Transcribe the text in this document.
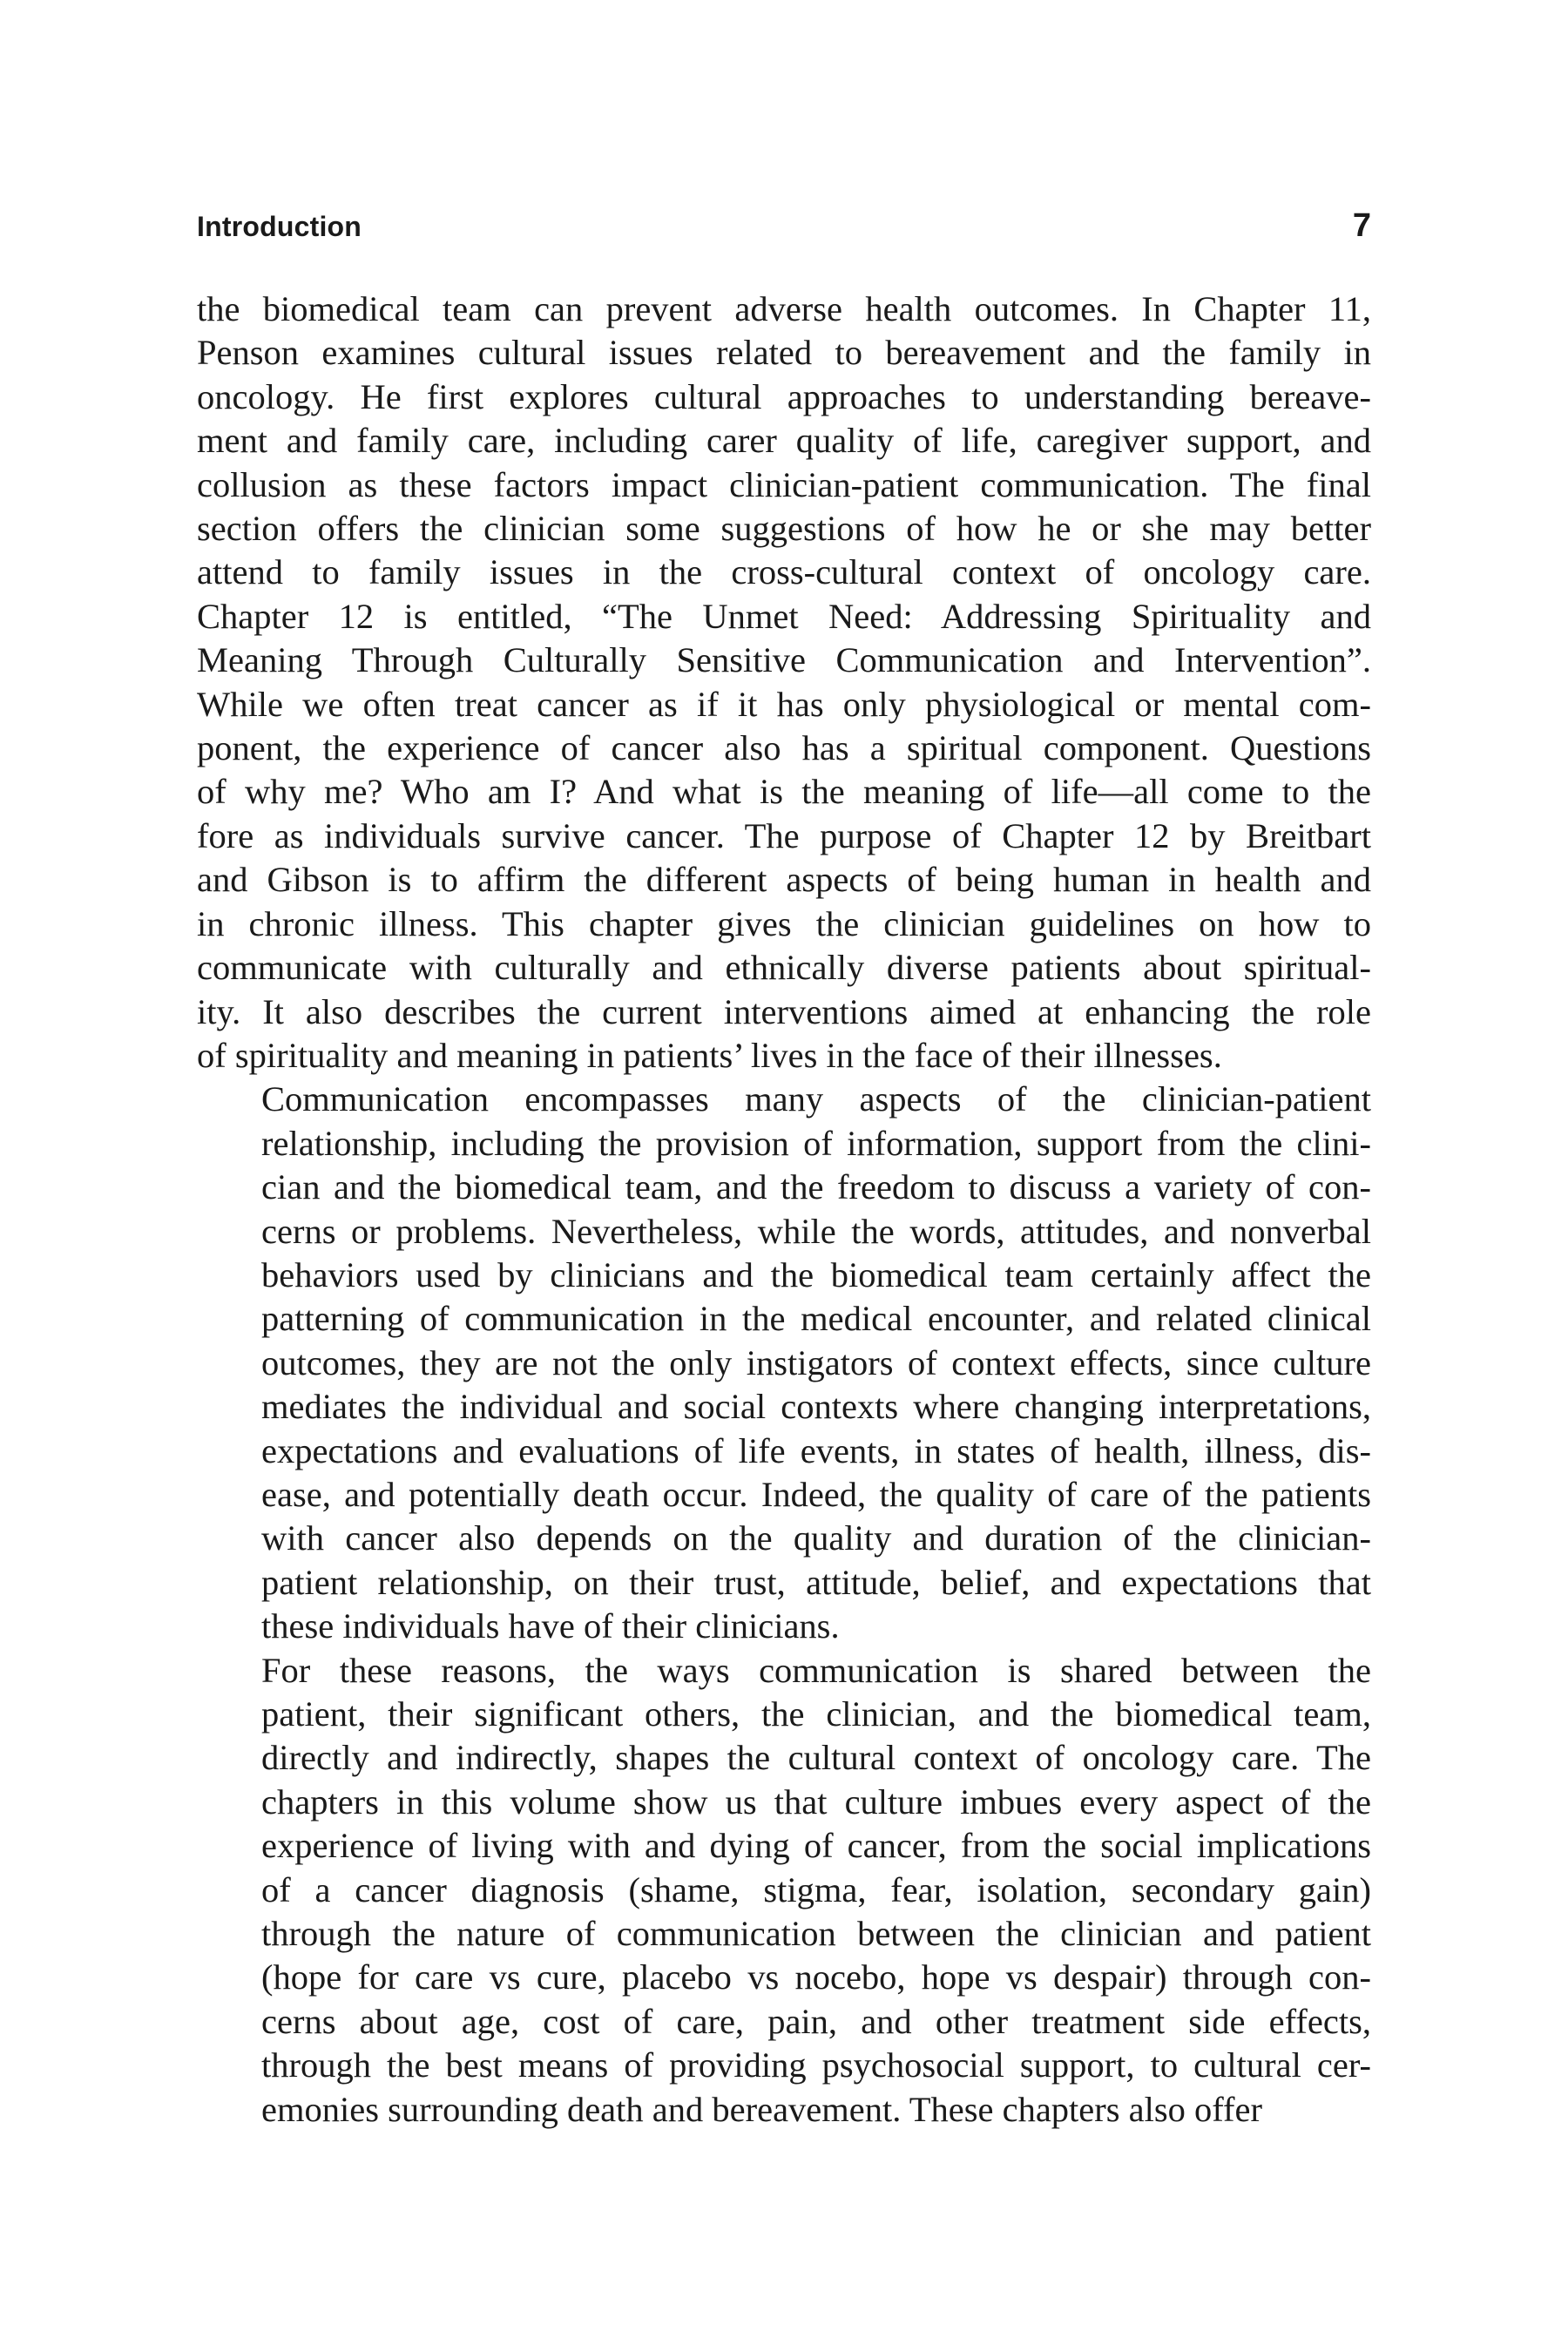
Introduction	7

the biomedical team can prevent adverse health outcomes. In Chapter 11,
Penson examines cultural issues related to bereavement and the family in
oncology. He first explores cultural approaches to understanding bereave-
ment and family care, including carer quality of life, caregiver support, and
collusion as these factors impact clinician-patient communication. The final
section offers the clinician some suggestions of how he or she may better
attend to family issues in the cross-cultural context of oncology care.
Chapter 12 is entitled, “The Unmet Need: Addressing Spirituality and
Meaning Through Culturally Sensitive Communication and Intervention”.
While we often treat cancer as if it has only physiological or mental com-
ponent, the experience of cancer also has a spiritual component. Questions
of why me? Who am I? And what is the meaning of life—all come to the
fore as individuals survive cancer. The purpose of Chapter 12 by Breitbart
and Gibson is to affirm the different aspects of being human in health and
in chronic illness. This chapter gives the clinician guidelines on how to
communicate with culturally and ethnically diverse patients about spiritual-
ity. It also describes the current interventions aimed at enhancing the role
of spirituality and meaning in patients’ lives in the face of their illnesses.

Communication encompasses many aspects of the clinician-patient
relationship, including the provision of information, support from the clini-
cian and the biomedical team, and the freedom to discuss a variety of con-
cerns or problems. Nevertheless, while the words, attitudes, and nonverbal
behaviors used by clinicians and the biomedical team certainly affect the
patterning of communication in the medical encounter, and related clinical
outcomes, they are not the only instigators of context effects, since culture
mediates the individual and social contexts where changing interpretations,
expectations and evaluations of life events, in states of health, illness, dis-
ease, and potentially death occur. Indeed, the quality of care of the patients
with cancer also depends on the quality and duration of the clinician-
patient relationship, on their trust, attitude, belief, and expectations that
these individuals have of their clinicians.

For these reasons, the ways communication is shared between the
patient, their significant others, the clinician, and the biomedical team,
directly and indirectly, shapes the cultural context of oncology care. The
chapters in this volume show us that culture imbues every aspect of the
experience of living with and dying of cancer, from the social implications
of a cancer diagnosis (shame, stigma, fear, isolation, secondary gain)
through the nature of communication between the clinician and patient
(hope for care vs cure, placebo vs nocebo, hope vs despair) through con-
cerns about age, cost of care, pain, and other treatment side effects,
through the best means of providing psychosocial support, to cultural cer-
emonies surrounding death and bereavement. These chapters also offer
